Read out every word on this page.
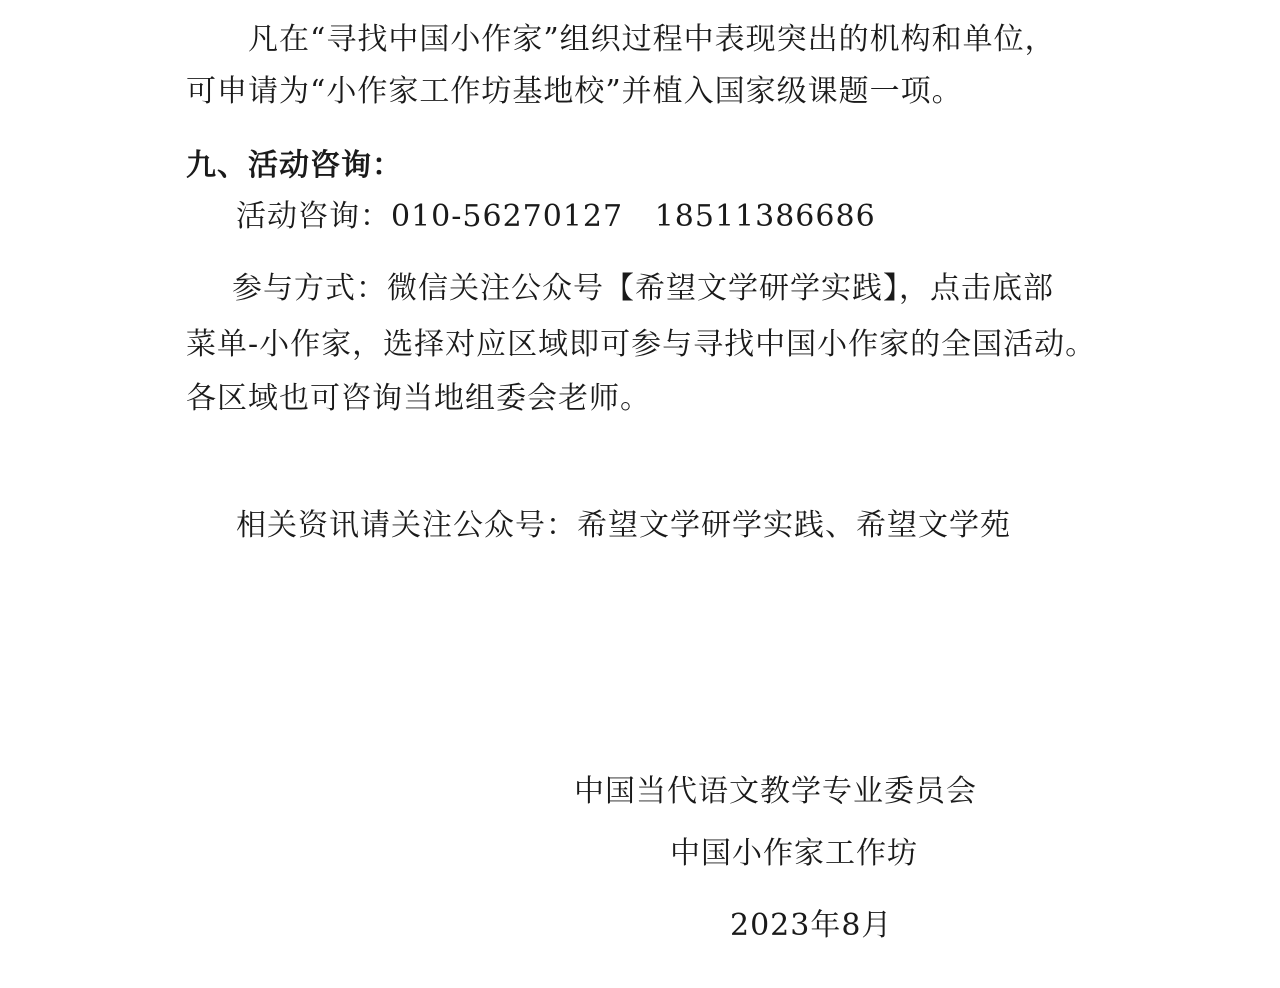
凡在“寻找中国小作家”组织过程中表现突出的机构和单位，
可申请为“小作家工作坊基地校”并植入国家级课题一项。
九、活动咨询：
活动咨询：010-56270127   18511386686
参与方式：微信关注公众号【希望文学研学实践】，点击底部
菜单-小作家，选择对应区域即可参与寻找中国小作家的全国活动。
各区域也可咨询当地组委会老师。
相关资讯请关注公众号：希望文学研学实践、希望文学苑
中国当代语文教学专业委员会
中国小作家工作坊
2023年8月
